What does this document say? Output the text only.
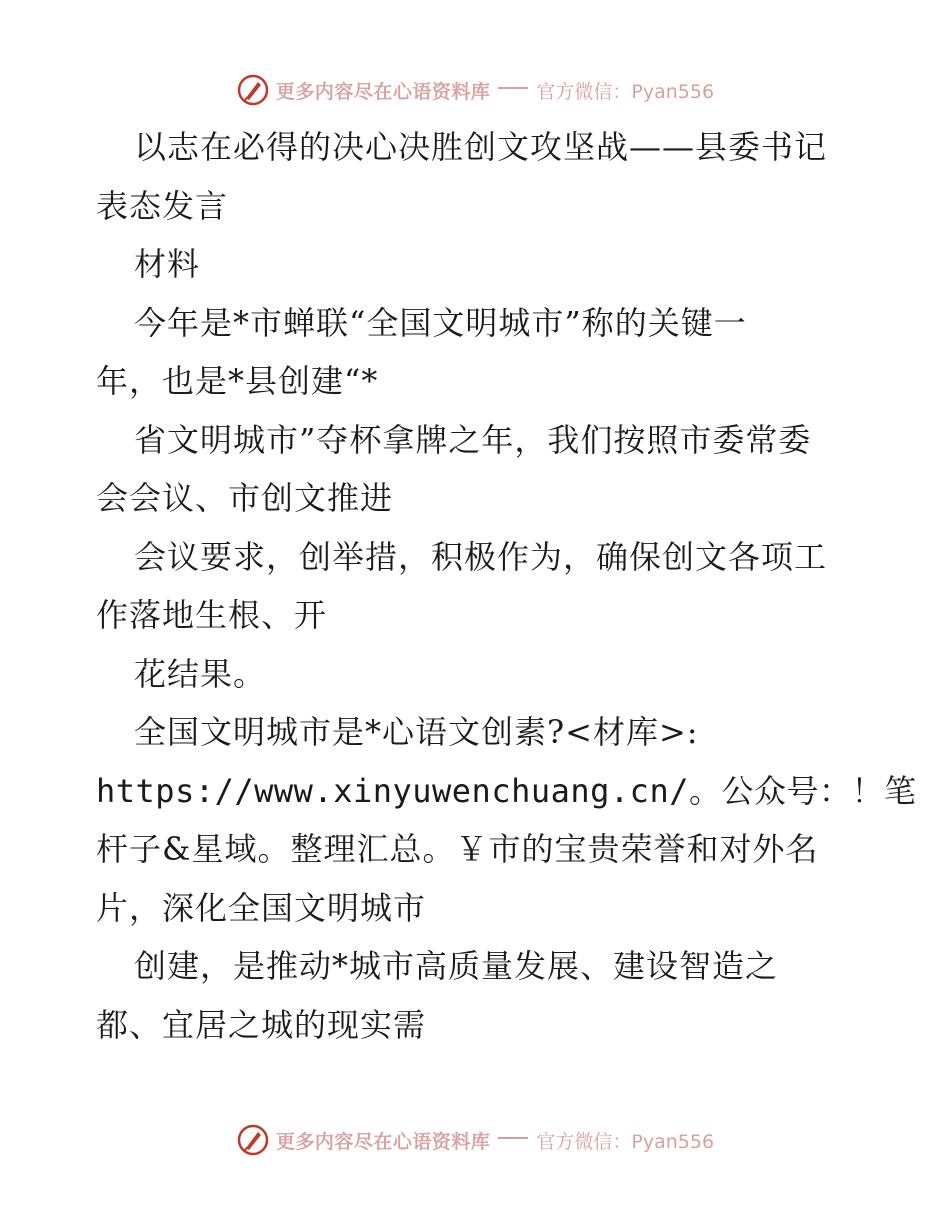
更多内容尽在心语资料库 官方微信：Pyan556
以志在必得的决心决胜创文攻坚战——县委书记
表态发言
材料
今年是*市蝉联“全国文明城市”称的关键一
年，也是*县创建“*
省文明城市”夺杯拿牌之年，我们按照市委常委
会会议、市创文推进
会议要求，创举措，积极作为，确保创文各项工
作落地生根、开
花结果。
全国文明城市是*心语文创素?<材库>:
https://www.xinyuwenchuang.cn/。公众号：！笔
杆子&星域。整理汇总。￥市的宝贵荣誉和对外名
片，深化全国文明城市
创建，是推动*城市高质量发展、建设智造之
都、宜居之城的现实需
更多内容尽在心语资料库 官方微信：Pyan556
